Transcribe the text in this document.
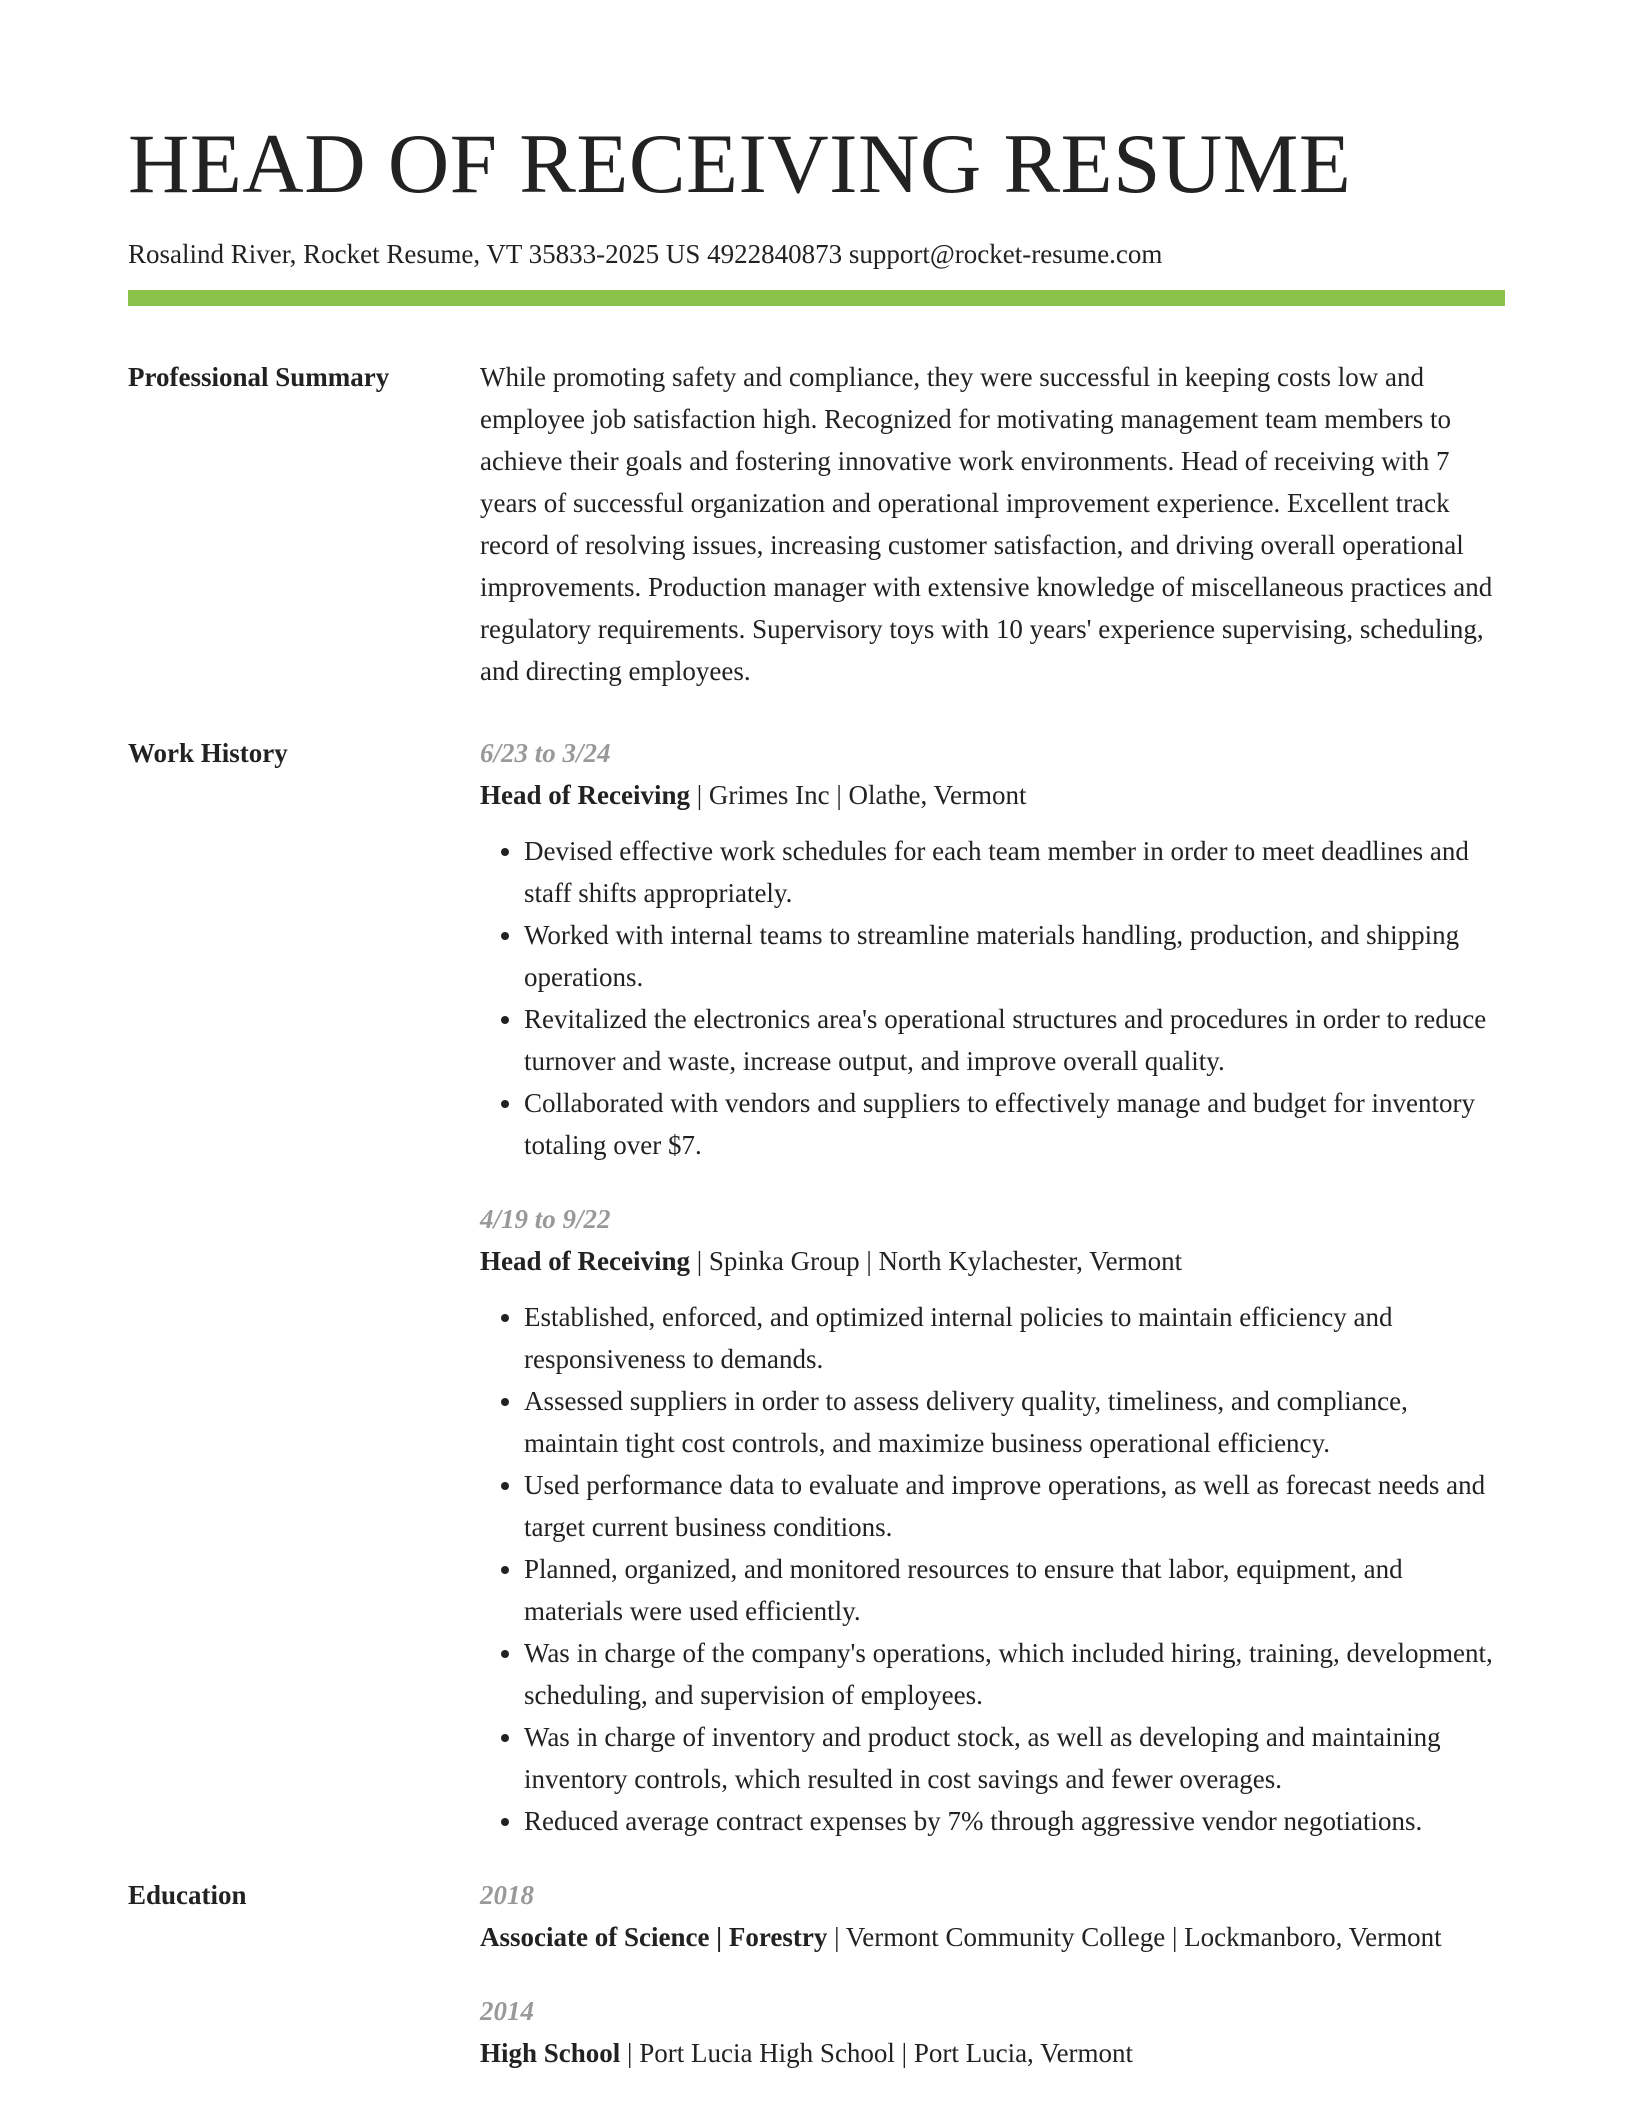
HEAD OF RECEIVING RESUME
Rosalind River, Rocket Resume, VT 35833-2025 US 4922840873 support@rocket-resume.com
Professional Summary	While promoting safety and compliance, they were successful in keeping costs low and employee job satisfaction high. Recognized for motivating management team members to achieve their goals and fostering innovative work environments. Head of receiving with 7 years of successful organization and operational improvement experience. Excellent track record of resolving issues, increasing customer satisfaction, and driving overall operational improvements. Production manager with extensive knowledge of miscellaneous practices and regulatory requirements. Supervisory toys with 10 years' experience supervising, scheduling, and directing employees.

Work History	6/23 to 3/24
Head of Receiving | Grimes Inc | Olathe, Vermont
• Devised effective work schedules for each team member in order to meet deadlines and staff shifts appropriately.
• Worked with internal teams to streamline materials handling, production, and shipping operations.
• Revitalized the electronics area's operational structures and procedures in order to reduce turnover and waste, increase output, and improve overall quality.
• Collaborated with vendors and suppliers to effectively manage and budget for inventory totaling over $7.
4/19 to 9/22
Head of Receiving | Spinka Group | North Kylachester, Vermont
• Established, enforced, and optimized internal policies to maintain efficiency and responsiveness to demands.
• Assessed suppliers in order to assess delivery quality, timeliness, and compliance, maintain tight cost controls, and maximize business operational efficiency.
• Used performance data to evaluate and improve operations, as well as forecast needs and target current business conditions.
• Planned, organized, and monitored resources to ensure that labor, equipment, and materials were used efficiently.
• Was in charge of the company's operations, which included hiring, training, development, scheduling, and supervision of employees.
• Was in charge of inventory and product stock, as well as developing and maintaining inventory controls, which resulted in cost savings and fewer overages.
• Reduced average contract expenses by 7% through aggressive vendor negotiations.
Education	2018
Associate of Science | Forestry | Vermont Community College | Lockmanboro, Vermont
2014
High School | Port Lucia High School | Port Lucia, Vermont
